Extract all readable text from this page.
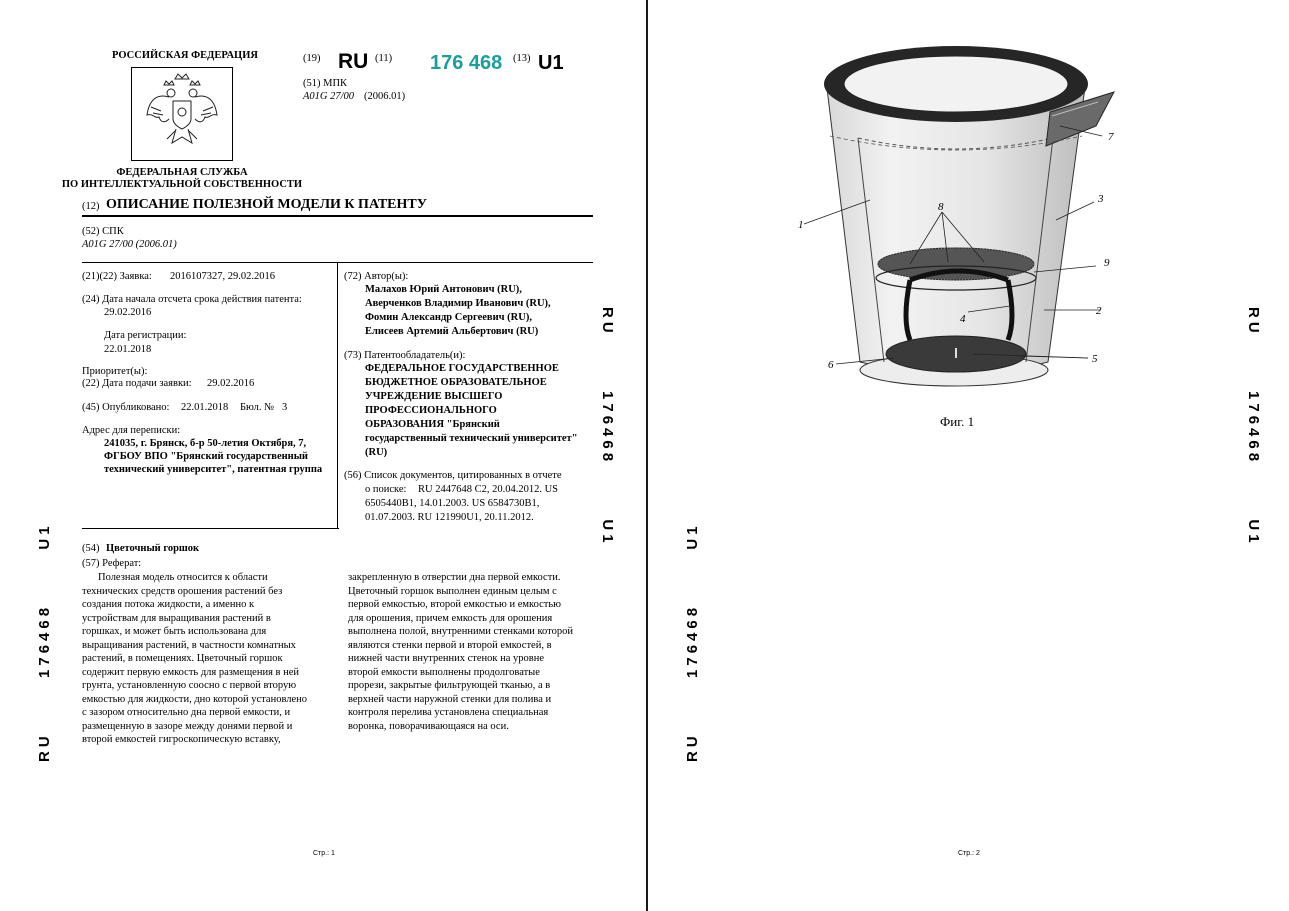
РОССИЙСКАЯ ФЕДЕРАЦИЯ
ФЕДЕРАЛЬНАЯ СЛУЖБА
ПО ИНТЕЛЛЕКТУАЛЬНОЙ СОБСТВЕННОСТИ
(19) RU (11) 176 468 (13) U1
(51) МПК
A01G 27/00 (2006.01)
(12) ОПИСАНИЕ ПОЛЕЗНОЙ МОДЕЛИ К ПАТЕНТУ
(52) СПК
A01G 27/00 (2006.01)
(21)(22) Заявка: 2016107327, 29.02.2016
(24) Дата начала отсчета срока действия патента:
29.02.2016
Дата регистрации:
22.01.2018
Приоритет(ы):
(22) Дата подачи заявки: 29.02.2016
(45) Опубликовано: 22.01.2018 Бюл. № 3
Адрес для переписки:
241035, г. Брянск, б-р 50-летия Октября, 7,
ФГБОУ ВПО "Брянский государственный
технический университет", патентная группа
(72) Автор(ы):
Малахов Юрий Антонович (RU),
Аверченков Владимир Иванович (RU),
Фомин Александр Сергеевич (RU),
Елисеев Артемий Альбертович (RU)
(73) Патентообладатель(и):
ФЕДЕРАЛЬНОЕ ГОСУДАРСТВЕННОЕ
БЮДЖЕТНОЕ ОБРАЗОВАТЕЛЬНОЕ
УЧРЕЖДЕНИЕ ВЫСШЕГО
ПРОФЕССИОНАЛЬНОГО
ОБРАЗОВАНИЯ "Брянский
государственный технический университет"
(RU)
(56) Список документов, цитированных в отчете
о поиске: RU 2447648 C2, 20.04.2012. US
6505440B1, 14.01.2003. US 6584730B1,
01.07.2003. RU 121990U1, 20.11.2012.
(54) Цветочный горшок
(57) Реферат:
Полезная модель относится к области
технических средств орошения растений без
создания потока жидкости, а именно к
устройствам для выращивания растений в
горшках, и может быть использована для
выращивания растений, в частности комнатных
растений, в помещениях. Цветочный горшок
содержит первую емкость для размещения в ней
грунта, установленную соосно с первой вторую
емкостью для жидкости, дно которой установлено
с зазором относительно дна первой емкости, и
размещенную в зазоре между донями первой и
второй емкостей гигроскопическую вставку,
закрепленную в отверстии дна первой емкости.
Цветочный горшок выполнен единым целым с
первой емкостью, второй емкостью и емкостью
для орошения, причем емкость для орошения
выполнена полой, внутренними стенками которой
являются стенки первой и второй емкостей, в
нижней части внутренних стенок на уровне
второй емкости выполнены продолговатые
прорези, закрытые фильтрующей тканью, а в
верхней части наружной стенки для полива и
контроля перелива установлена специальная
воронка, поворачивающаяся на оси.
RU  176468  U1
RU  176468  U1
Стр.: 1
1
2
3
4
5
6
7
8
9
Фиг. 1
RU  176468  U1
RU  176468  U1
Стр.: 2
